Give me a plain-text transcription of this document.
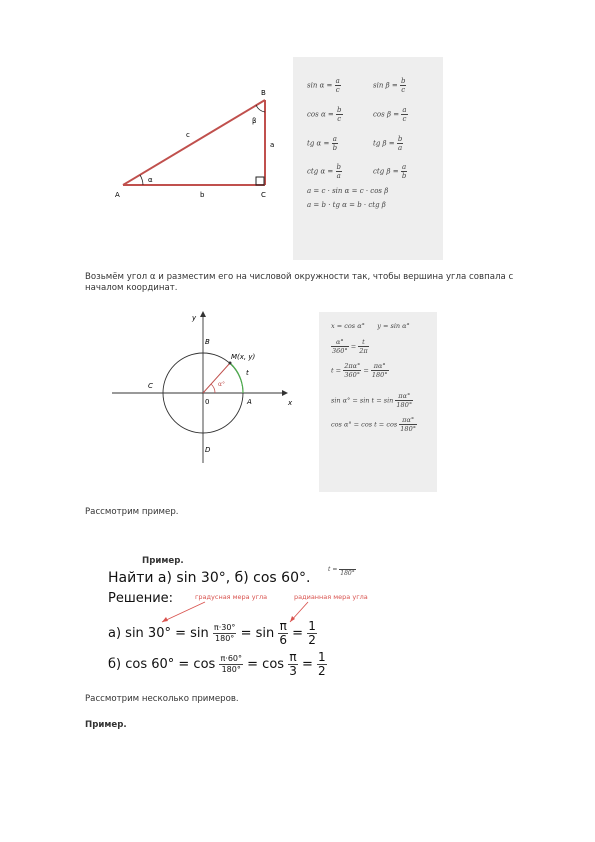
A
B
C
a
b
c
α
β
$\sin \alpha = \frac{a}{c}$	$\sin \beta = \frac{b}{c}$
$\cos \alpha = \frac{b}{c}$	$\cos \beta = \frac{a}{c}$
tg $\alpha = \frac{a}{b}$	tg $\beta = \frac{b}{a}$
ctg $\alpha = \frac{b}{a}$	ctg $\beta = \frac{a}{b}$
a = c · sin α = c · cos β
a = b · tg α = b · ctg β
Возьмём угол α и разместим его на числовой окружности так, чтобы вершина угла совпала с началом координат.
y
x
B
C
0	A
D
M(x, y)
t
α°
x = cos α°      y = sin α°
$\frac{\alpha^\circ}{360^\circ} = \frac{t}{2\pi}$
$t = \frac{2\pi\alpha^\circ}{360^\circ} = \frac{\pi\alpha^\circ}{180^\circ}$
$\sin \alpha^\circ = \sin t = \sin \frac{\pi\alpha^\circ}{180^\circ}$
$\cos \alpha^\circ = \cos t = \cos \frac{\pi\alpha^\circ}{180^\circ}$
Рассмотрим пример.
Пример.
t =

180°
Найти а) sin 30°, б) cos 60°.
Решение:	градусная мера угла	радианная мера угла
а) $\sin 30^\circ = \sin \frac{\pi\cdot 30^\circ}{180^\circ} = \sin \frac{\pi}{6} = \frac{1}{2}$
б) $\cos 60^\circ = \cos \frac{\pi\cdot 60^\circ}{180^\circ} = \cos \frac{\pi}{3} = \frac{1}{2}$
Рассмотрим несколько примеров.
Пример.
